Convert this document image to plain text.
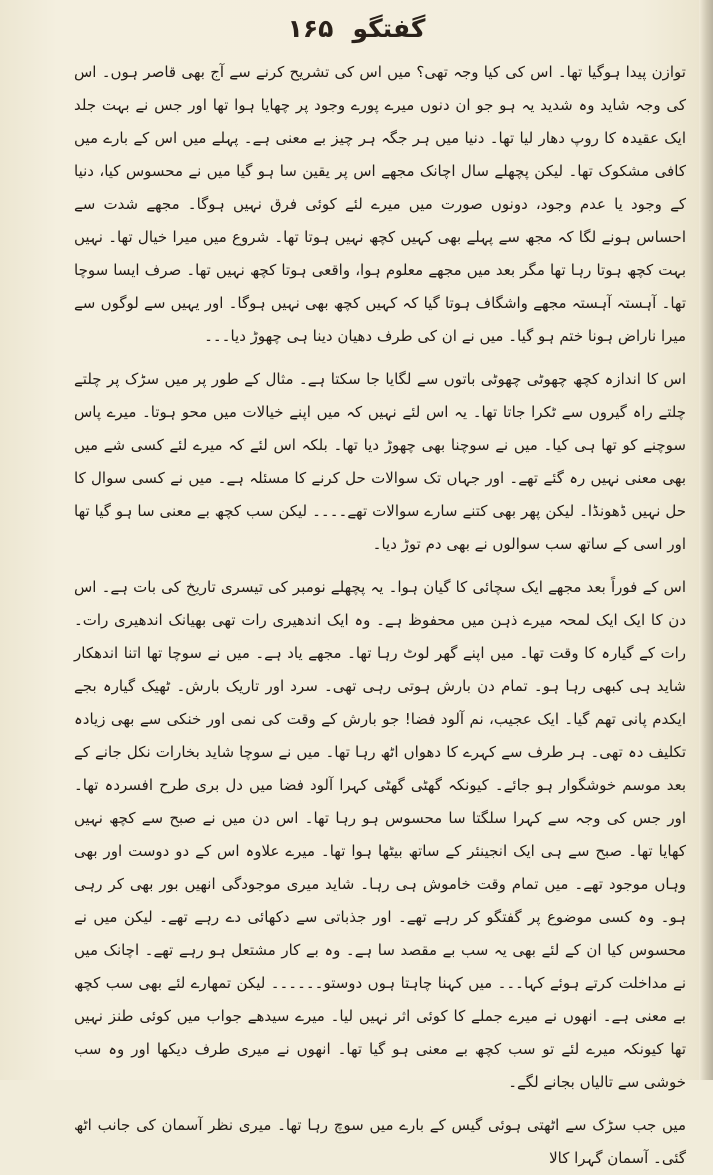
گفتگو ۱۶۵

توازن پیدا ہوگیا تھا۔ اس کی کیا وجہ تھی؟ میں اس کی تشریح کرنے سے آج بھی قاصر ہوں۔ اس کی وجہ شاید وہ شدید یہ ہو جو ان دنوں میرے پورے وجود پر چھایا ہوا تھا اور جس نے بہت جلد ایک عقیدہ کا روپ دھار لیا تھا۔ دنیا میں ہر جگہ ہر چیز بے معنی ہے۔ پہلے میں اس کے بارے میں کافی مشکوک تھا۔ لیکن پچھلے سال اچانک مجھے اس پر یقین سا ہو گیا میں نے محسوس کیا، دنیا کے وجود یا عدم وجود، دونوں صورت میں میرے لئے کوئی فرق نہیں ہوگا۔ مجھے شدت سے احساس ہونے لگا کہ مجھ سے پہلے بھی کہیں کچھ نہیں ہوتا تھا۔ شروع میں میرا خیال تھا۔ نہیں بہت کچھ ہوتا رہا تھا مگر بعد میں مجھے معلوم ہوا، واقعی ہوتا کچھ نہیں تھا۔ صرف ایسا سوچا تھا۔ آہستہ آہستہ مجھے واشگاف ہوتا گیا کہ کہیں کچھ بھی نہیں ہوگا۔ اور یہیں سے لوگوں سے میرا ناراض ہونا ختم ہو گیا۔ میں نے ان کی طرف دھیان دینا ہی چھوڑ دیا۔۔۔

اس کا اندازہ کچھ چھوٹی چھوٹی باتوں سے لگایا جا سکتا ہے۔ مثال کے طور پر میں سڑک پر چلتے چلتے راہ گیروں سے ٹکرا جاتا تھا۔ یہ اس لئے نہیں کہ میں اپنے خیالات میں محو ہوتا۔ میرے پاس سوچنے کو تھا ہی کیا۔ میں نے سوچنا بھی چھوڑ دیا تھا۔ بلکہ اس لئے کہ میرے لئے کسی شے میں بھی معنی نہیں رہ گئے تھے۔ اور جہاں تک سوالات حل کرنے کا مسئلہ ہے۔ میں نے کسی سوال کا حل نہیں ڈھونڈا۔ لیکن پھر بھی کتنے سارے سوالات تھے۔۔۔۔ لیکن سب کچھ بے معنی سا ہو گیا تھا اور اسی کے ساتھ سب سوالوں نے بھی دم توڑ دیا۔

اس کے فوراً بعد مجھے ایک سچائی کا گیان ہوا۔ یہ پچھلے نومبر کی تیسری تاریخ کی بات ہے۔ اس دن کا ایک ایک لمحہ میرے ذہن میں محفوظ ہے۔ وہ ایک اندھیری رات تھی بھیانک اندھیری رات۔ رات کے گیارہ کا وقت تھا۔ میں اپنے گھر لوٹ رہا تھا۔ مجھے یاد ہے۔ میں نے سوچا تھا اتنا اندھکار شاید ہی کبھی رہا ہو۔ تمام دن بارش ہوتی رہی تھی۔ سرد اور تاریک بارش۔ ٹھیک گیارہ بجے ایکدم پانی تھم گیا۔ ایک عجیب، نم آلود فضا! جو بارش کے وقت کی نمی اور خنکی سے بھی زیادہ تکلیف دہ تھی۔ ہر طرف سے کہرے کا دھواں اٹھ رہا تھا۔ میں نے سوچا شاید بخارات نکل جانے کے بعد موسم خوشگوار ہو جائے۔ کیونکہ گھٹی گھٹی کہرا آلود فضا میں دل بری طرح افسردہ تھا۔ اور جس کی وجہ سے کہرا سلگتا سا محسوس ہو رہا تھا۔ اس دن میں نے صبح سے کچھ نہیں کھایا تھا۔ صبح سے ہی ایک انجینئر کے ساتھ بیٹھا ہوا تھا۔ میرے علاوہ اس کے دو دوست اور بھی وہاں موجود تھے۔ میں تمام وقت خاموش ہی رہا۔ شاید میری موجودگی انھیں بور بھی کر رہی ہو۔ وہ کسی موضوع پر گفتگو کر رہے تھے۔ اور جذباتی سے دکھائی دے رہے تھے۔ لیکن میں نے محسوس کیا ان کے لئے بھی یہ سب بے مقصد سا ہے۔ وہ بے کار مشتعل ہو رہے تھے۔ اچانک میں نے مداخلت کرتے ہوئے کہا۔۔۔ میں کہنا چاہتا ہوں دوستو۔۔۔۔۔۔ لیکن تمھارے لئے بھی سب کچھ بے معنی ہے۔ انھوں نے میرے جملے کا کوئی اثر نہیں لیا۔ میرے سیدھے جواب میں کوئی طنز نہیں تھا کیونکہ میرے لئے تو سب کچھ بے معنی ہو گیا تھا۔ انھوں نے میری طرف دیکھا اور وہ سب خوشی سے تالیاں بجانے لگے۔

میں جب سڑک سے اٹھتی ہوئی گیس کے بارے میں سوچ رہا تھا۔ میری نظر آسمان کی جانب اٹھ گئی۔ آسمان گہرا کالا
